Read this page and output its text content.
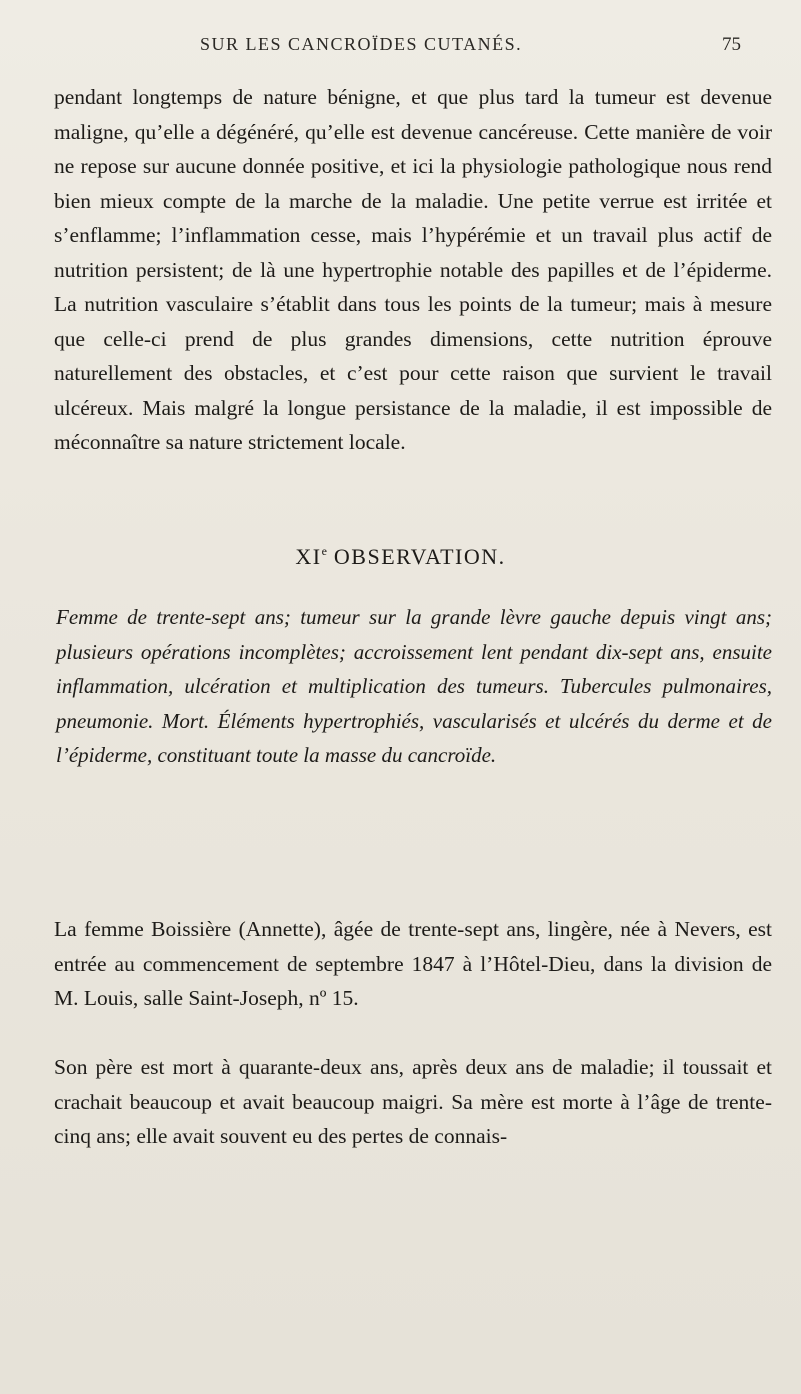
SUR LES CANCROÏDES CUTANÉS.	75

pendant longtemps de nature bénigne, et que plus tard la tumeur est devenue maligne, qu’elle a dégénéré, qu’elle est devenue cancéreuse. Cette manière de voir ne repose sur aucune donnée positive, et ici la physiologie pathologique nous rend bien mieux compte de la marche de la maladie. Une petite verrue est irritée et s’enflamme; l’inflammation cesse, mais l’hypérémie et un travail plus actif de nutrition persistent; de là une hypertrophie notable des papilles et de l’épiderme. La nutrition vasculaire s’établit dans tous les points de la tumeur; mais à mesure que celle-ci prend de plus grandes dimensions, cette nutrition éprouve naturellement des obstacles, et c’est pour cette raison que survient le travail ulcéreux. Mais malgré la longue persistance de la maladie, il est impossible de méconnaître sa nature strictement locale.

XIe OBSERVATION.
Femme de trente-sept ans; tumeur sur la grande lèvre gauche depuis vingt ans; plusieurs opérations incomplètes; accroissement lent pendant dix-sept ans, ensuite inflammation, ulcération et multiplication des tumeurs. Tubercules pulmonaires, pneumonie. Mort. Éléments hypertrophiés, vascularisés et ulcérés du derme et de l’épiderme, constituant toute la masse du cancroïde.

La femme Boissière (Annette), âgée de trente-sept ans, lingère, née à Nevers, est entrée au commencement de septembre 1847 à l’Hôtel-Dieu, dans la division de M. Louis, salle Saint-Joseph, nº 15.

Son père est mort à quarante-deux ans, après deux ans de maladie; il toussait et crachait beaucoup et avait beaucoup maigri. Sa mère est morte à l’âge de trente-cinq ans; elle avait souvent eu des pertes de connais-
